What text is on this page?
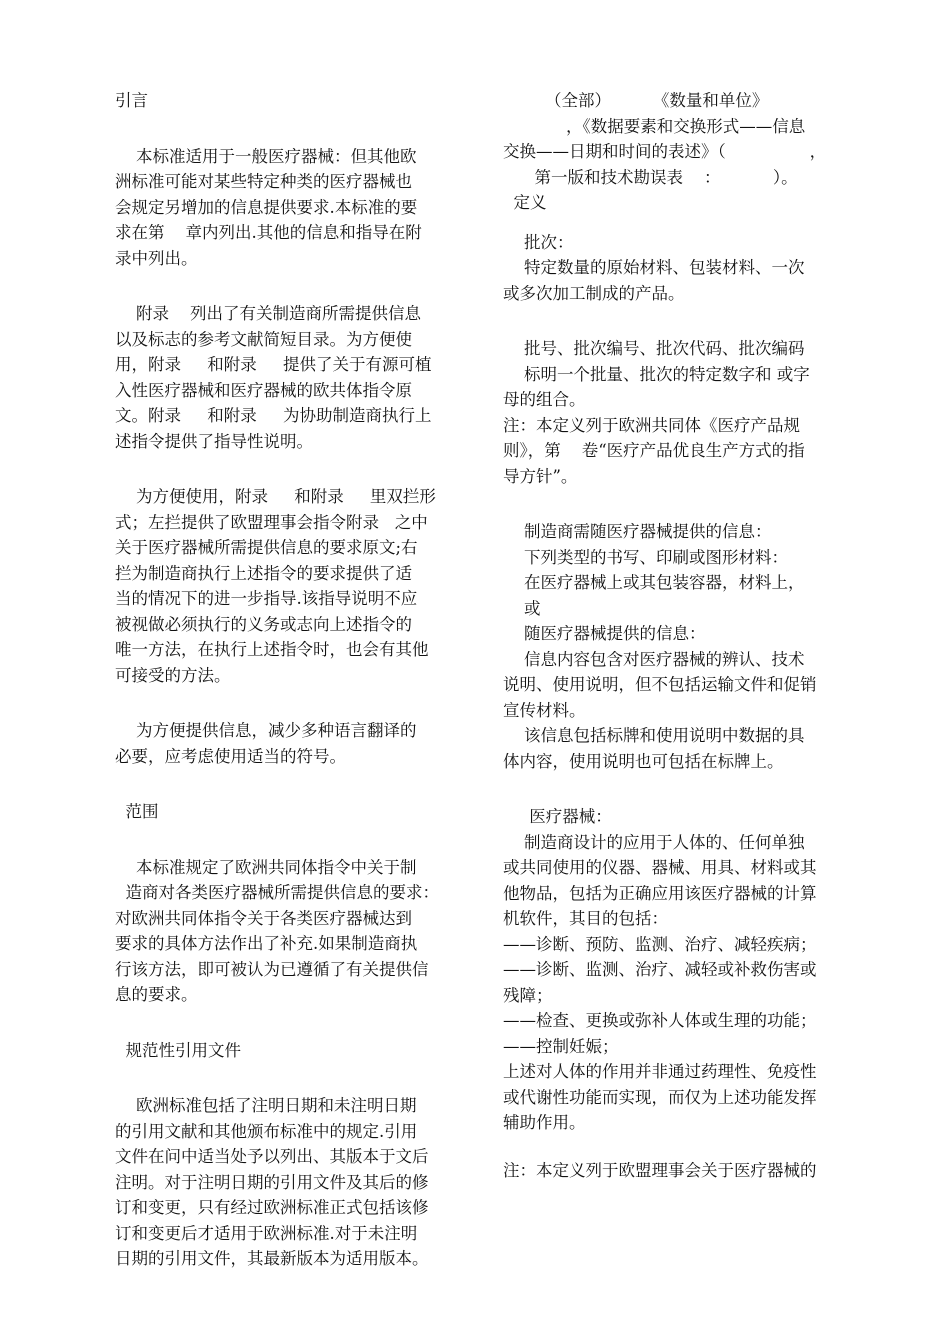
引言
本标准适用于一般医疗器械：但其他欧
洲标准可能对某些特定种类的医疗器械也
会规定另增加的信息提供要求.本标准的要
求在第    章内列出.其他的信息和指导在附
录中列出。
附录    列出了有关制造商所需提供信息
以及标志的参考文献简短目录。为方便使
用，附录     和附录     提供了关于有源可植
入性医疗器械和医疗器械的欧共体指令原
文。附录     和附录     为协助制造商执行上
述指令提供了指导性说明。
为方便使用，附录     和附录     里双拦形
式；左拦提供了欧盟理事会指令附录   之中
关于医疗器械所需提供信息的要求原文;右
拦为制造商执行上述指令的要求提供了适
当的情况下的进一步指导.该指导说明不应
被视做必须执行的义务或志向上述指令的
唯一方法，在执行上述指令时，也会有其他
可接受的方法。
为方便提供信息，减少多种语言翻译的
必要，应考虑使用适当的符号。
范围
本标准规定了欧洲共同体指令中关于制
造商对各类医疗器械所需提供信息的要求：
对欧洲共同体指令关于各类医疗器械达到
要求的具体方法作出了补充.如果制造商执
行该方法，即可被认为已遵循了有关提供信
息的要求。
规范性引用文件
欧洲标准包括了注明日期和未注明日期
的引用文献和其他颁布标准中的规定.引用
文件在问中适当处予以列出、其版本于文后
注明。对于注明日期的引用文件及其后的修
订和变更，只有经过欧洲标准正式包括该修
订和变更后才适用于欧洲标准.对于未注明
日期的引用文件，其最新版本为适用版本。
（全部）        《数量和单位》
，《数据要素和交换形式——信息
交换——日期和时间的表述》（                ，
第一版和技术勘误表    ：          ）。
定义
批次：
特定数量的原始材料、包装材料、一次
或多次加工制成的产品。
批号、批次编号、批次代码、批次编码
标明一个批量、批次的特定数字和 或字
母的组合。
注：本定义列于欧洲共同体《医疗产品规
则》，第    卷“医疗产品优良生产方式的指
导方针”。
制造商需随医疗器械提供的信息：
下列类型的书写、印刷或图形材料：
在医疗器械上或其包装容器，材料上，
或
随医疗器械提供的信息：
信息内容包含对医疗器械的辨认、技术
说明、使用说明，但不包括运输文件和促销
宣传材料。
该信息包括标牌和使用说明中数据的具
体内容，使用说明也可包括在标牌上。
医疗器械：
制造商设计的应用于人体的、任何单独
或共同使用的仪器、器械、用具、材料或其
他物品，包括为正确应用该医疗器械的计算
机软件，其目的包括：
——诊断、预防、监测、治疗、减轻疾病；
——诊断、监测、治疗、减轻或补救伤害或
残障；
——检查、更换或弥补人体或生理的功能；
——控制妊娠；
上述对人体的作用并非通过药理性、免疫性
或代谢性功能而实现，而仅为上述功能发挥
辅助作用。
注：本定义列于欧盟理事会关于医疗器械的
